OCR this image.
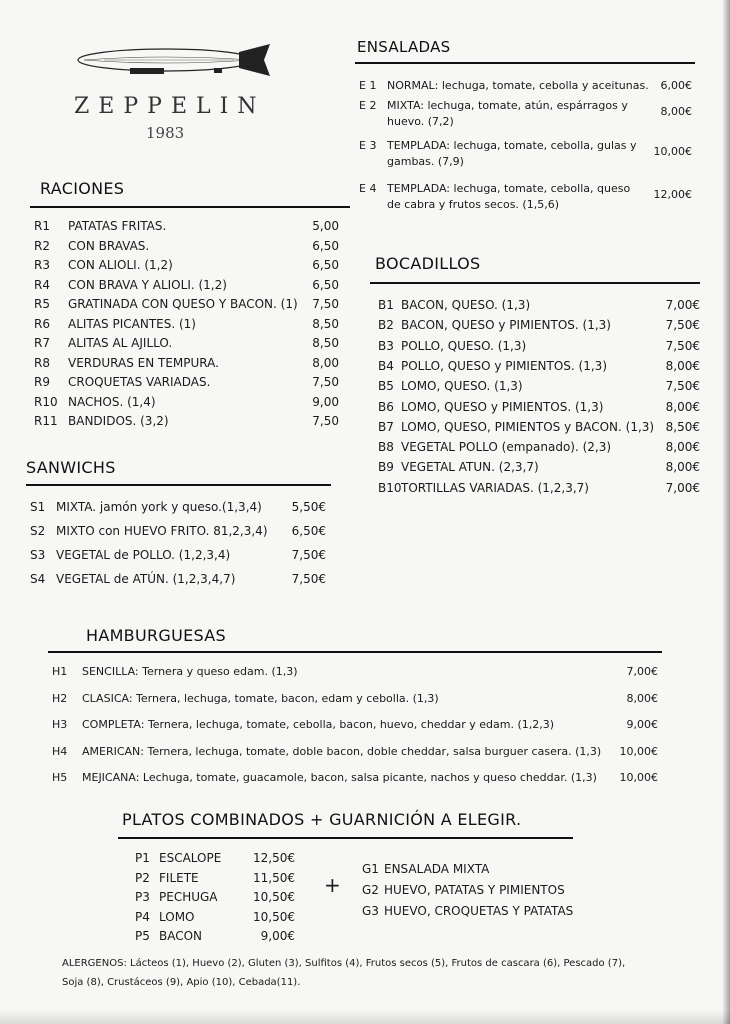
ZEPPELIN
1983
RACIONES
R1 PATATAS FRITAS.	5,00
R2 CON BRAVAS.	6,50
R3 CON ALIOLI. (1,2)	6,50
R4 CON BRAVA Y ALIOLI. (1,2)	6,50
R5 GRATINADA CON QUESO Y BACON. (1) 7,50
R6 ALITAS PICANTES. (1)	8,50
R7 ALITAS AL AJILLO.	8,50
R8 VERDURAS EN TEMPURA.	8,00
R9 CROQUETAS VARIADAS.	7,50
R10 NACHOS. (1,4)	9,00
R11 BANDIDOS. (3,2)	7,50
SANWICHS
S1 MIXTA. jamón york y queso.(1,3,4) 5,50€
S2 MIXTO con HUEVO FRITO. 81,2,3,4) 6,50€
S3 VEGETAL de POLLO. (1,2,3,4)	7,50€
S4 VEGETAL de ATÚN. (1,2,3,4,7)	7,50€
ENSALADAS
E 1 NORMAL: lechuga, tomate, cebolla y aceitunas. 6,00€
E 2 MIXTA: lechuga, tomate, atún, espárragos y
huevo. (7,2)
8,00€
E 3 TEMPLADA: lechuga, tomate, cebolla, gulas y
gambas. (7,9)
10,00€
E 4 TEMPLADA: lechuga, tomate, cebolla, queso
de cabra y frutos secos. (1,5,6)
12,00€
BOCADILLOS
B1 BACON, QUESO. (1,3)	7,00€
B2 BACON, QUESO y PIMIENTOS. (1,3)	7,50€
B3 POLLO, QUESO. (1,3)	7,50€
B4 POLLO, QUESO y PIMIENTOS. (1,3)	8,00€
B5 LOMO, QUESO. (1,3)	7,50€
B6 LOMO, QUESO y PIMIENTOS. (1,3)	8,00€
B7 LOMO, QUESO, PIMIENTOS y BACON. (1,3) 8,50€
B8 VEGETAL POLLO (empanado). (2,3)	8,00€
B9 VEGETAL ATUN. (2,3,7)	8,00€
B10 TORTILLAS VARIADAS. (1,2,3,7)	7,00€
HAMBURGUESAS
H1 SENCILLA: Ternera y queso edam. (1,3)	7,00€
H2 CLASICA: Ternera, lechuga, tomate, bacon, edam y cebolla. (1,3)	8,00€
H3 COMPLETA: Ternera, lechuga, tomate, cebolla, bacon, huevo, cheddar y edam. (1,2,3)	9,00€
H4 AMERICAN: Ternera, lechuga, tomate, doble bacon, doble cheddar, salsa burguer casera. (1,3) 10,00€
H5 MEJICANA: Lechuga, tomate, guacamole, bacon, salsa picante, nachos y queso cheddar. (1,3) 10,00€
PLATOS COMBINADOS + GUARNICIÓN A ELEGIR.
P1 ESCALOPE	12,50€
P2 FILETE	11,50€
P3 PECHUGA	10,50€
P4 LOMO	10,50€
P5 BACON	9,00€
+
G1 ENSALADA MIXTA
G2 HUEVO, PATATAS Y PIMIENTOS
G3 HUEVO, CROQUETAS Y PATATAS
ALERGENOS: Lácteos (1), Huevo (2), Gluten (3), Sulfitos (4), Frutos secos (5), Frutos de cascara (6), Pescado (7),
Soja (8), Crustáceos (9), Apio (10), Cebada(11).
